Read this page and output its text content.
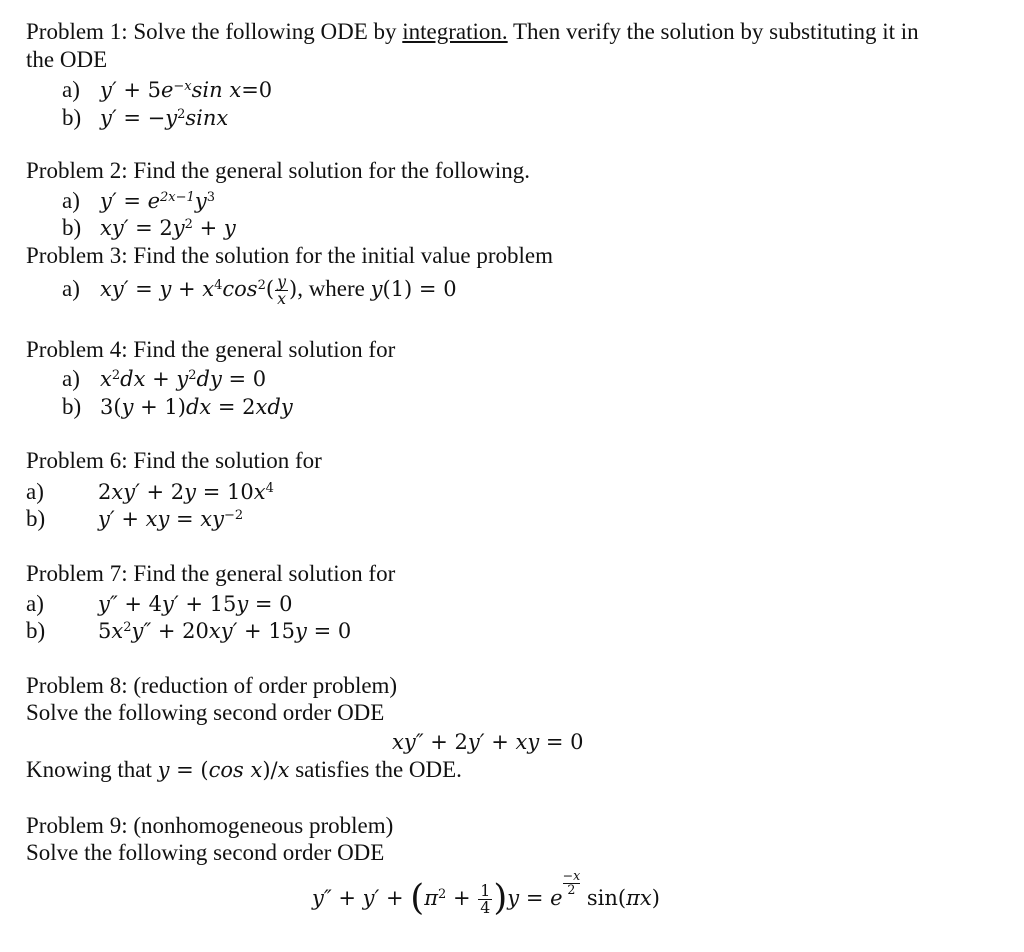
Problem 1: Solve the following ODE by integration. Then verify the solution by substituting it in
the ODE
a) $y' + 5e^{-x}\sin$ x=0
b) $y' = -y^2\sin x$
Problem 2: Find the general solution for the following.
a) $y' = e^{2x-1}y^3$
b) $xy' = 2y^2 + y$
Problem 3: Find the solution for the initial value problem
a) $xy' = y + x^4\cos^2( \frac{y}{x}$ ), where y(1) = 0
Problem 4: Find the general solution for
a) $x^2dx + y^2dy = 0$
b) 3(y + 1)dx = 2xdy
Problem 6: Find the solution for
a)	$2xy' + 2y = 10x^4$
b)	y′ + xy = $xy^{-2}$
Problem 7: Find the general solution for
a)	y″ + 4y′ + 15y = 0
b)	$5x^2y'' + 20xy' + 15y = 0$
Problem 8: (reduction of order problem)
Solve the following second order ODE
xy″ + 2y′ + xy = 0
Knowing that y = (cos x)/x satisfies the ODE.
Problem 9: (nonhomogeneous problem)
Solve the following second order ODE
$y'' + y' + (\pi^2 + \frac{1}{4} )y = e$
$\frac{-x}{2}$
sin(πx)
